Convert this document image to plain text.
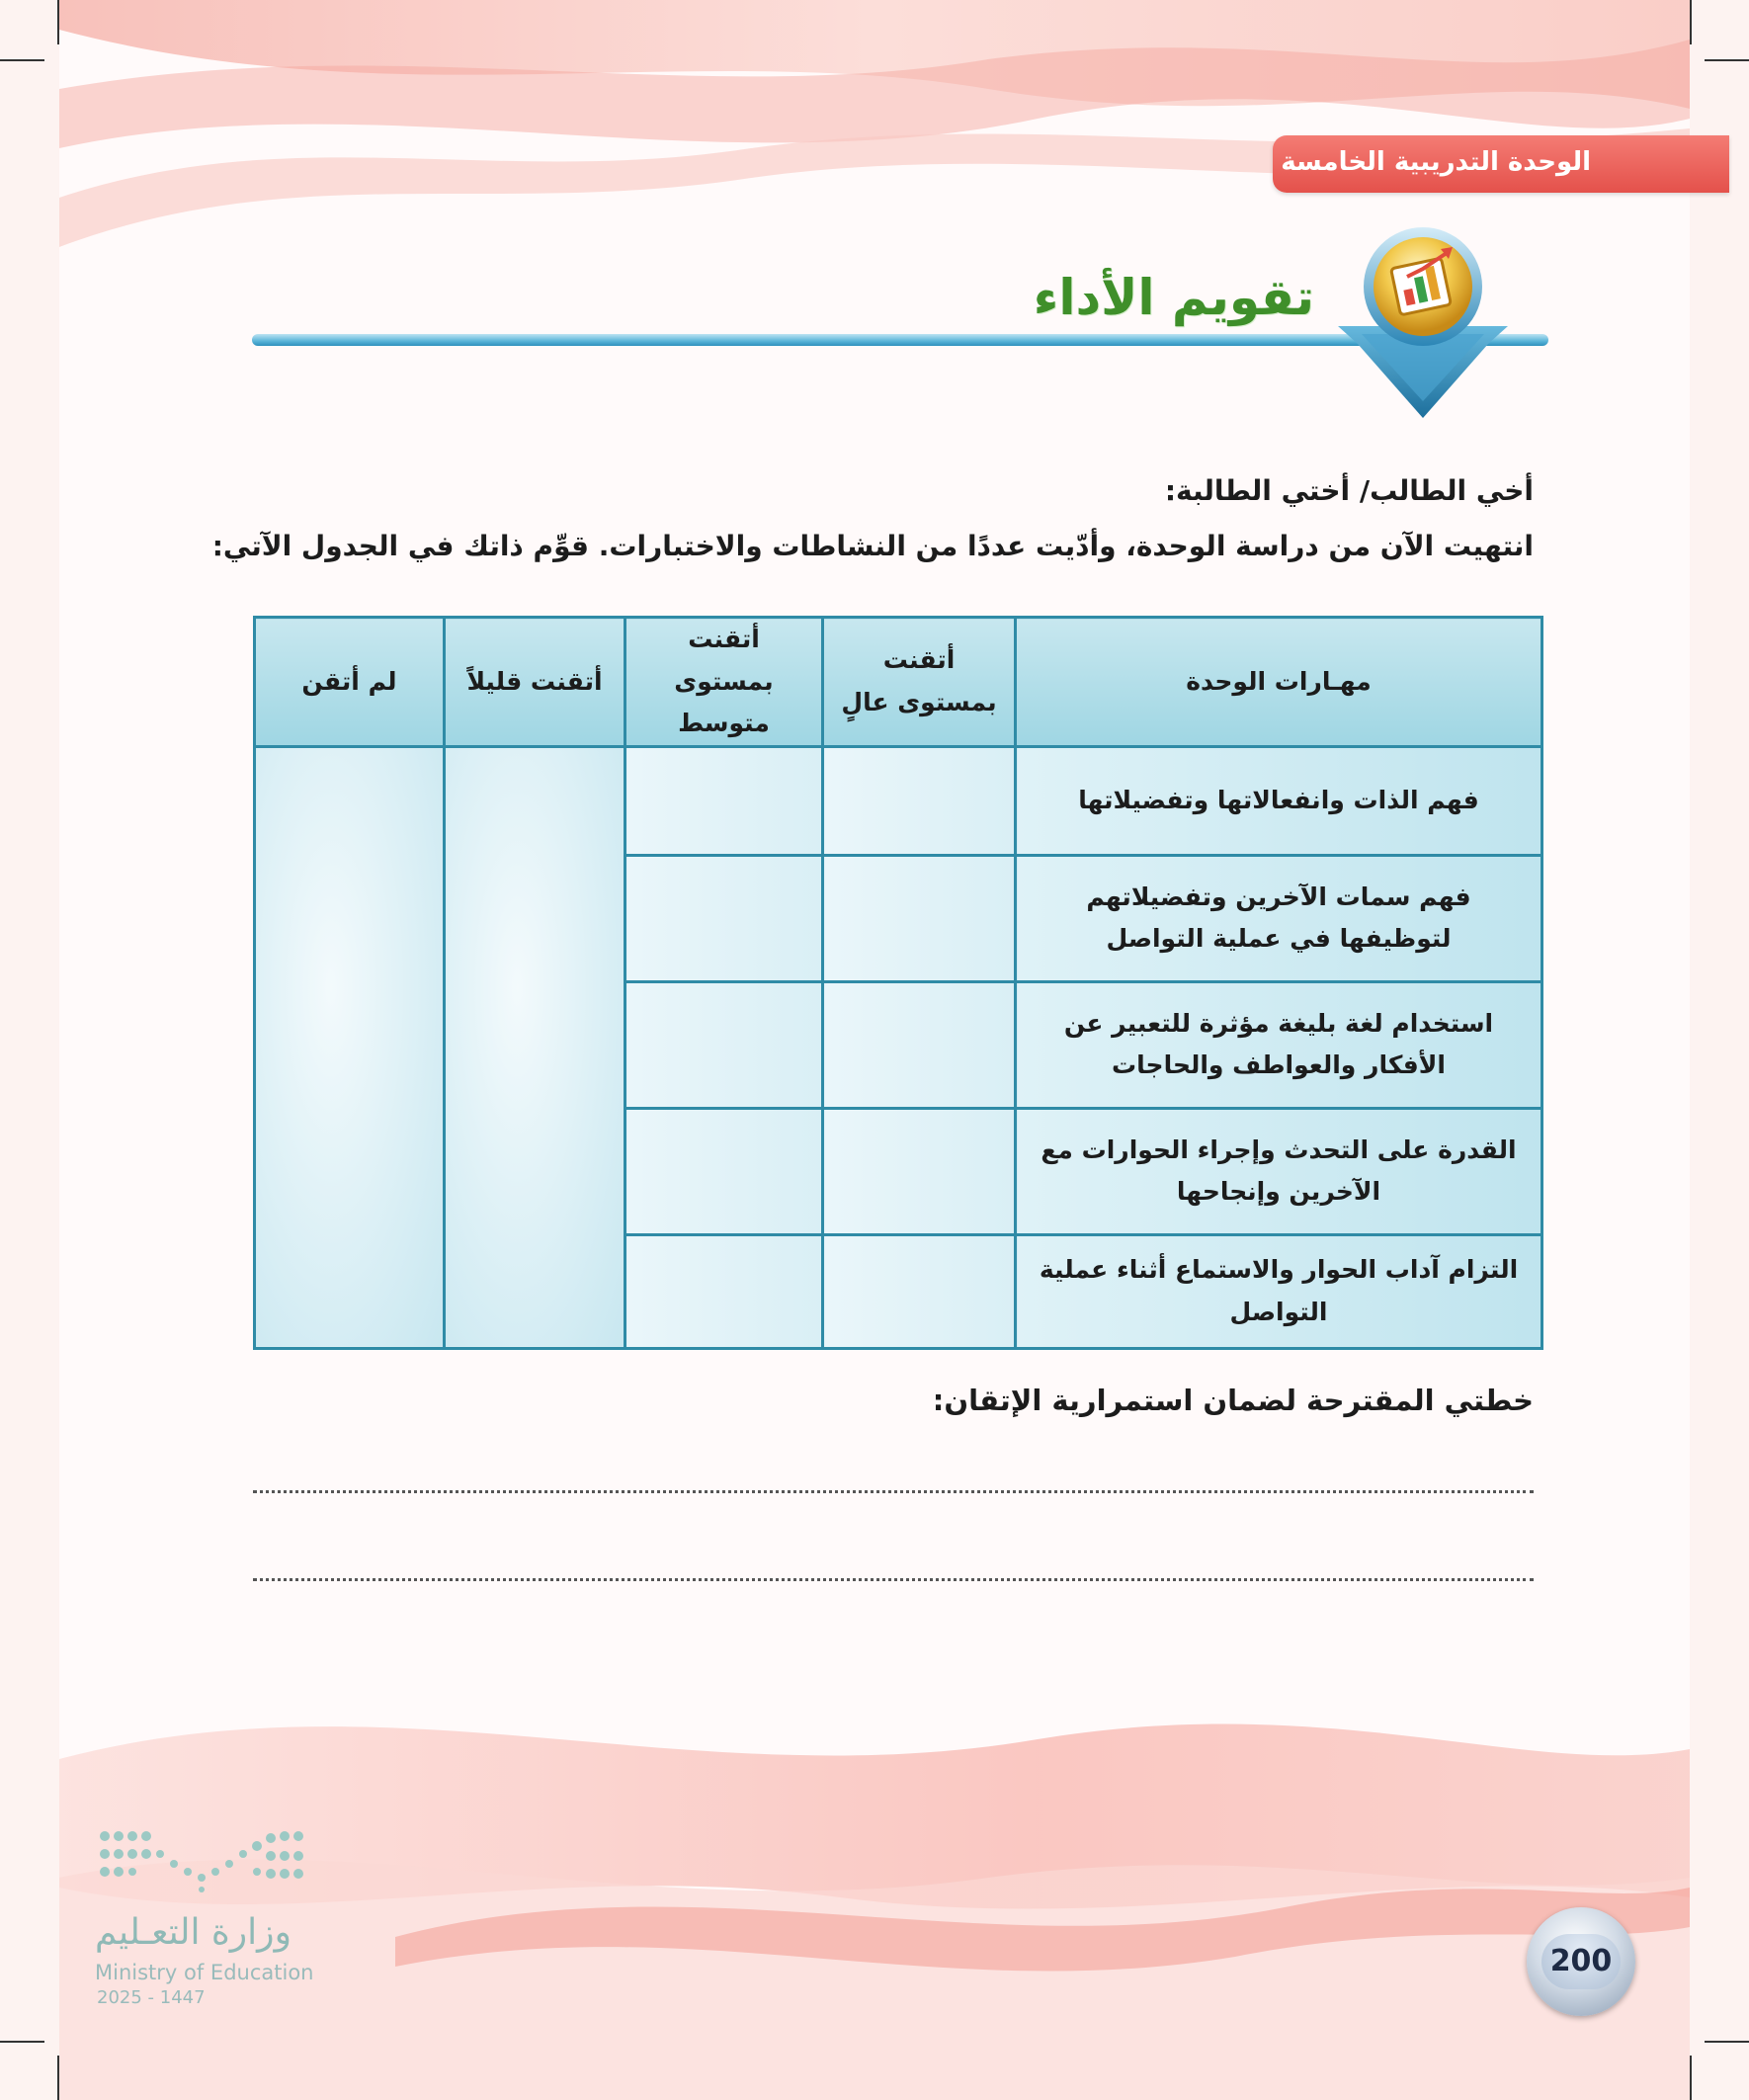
الوحدة التدريبية الخامسة
تقويم الأداء
أخي الطالب/ أختي الطالبة:
انتهيت الآن من دراسة الوحدة، وأدّيت عددًا من النشاطات والاختبارات. قوِّم ذاتك في الجدول الآتي:
مهـارات الوحدة	أتقنت بمستوى عالٍ	أتقنت بمستوى متوسط	أتقنت قليلاً	لم أتقن
فهم الذات وانفعالاتها وتفضيلاتها				
فهم سمات الآخرين وتفضيلاتهم لتوظيفها في عملية التواصل				
استخدام لغة بليغة مؤثرة للتعبير عن الأفكار والعواطف والحاجات				
القدرة على التحدث وإجراء الحوارات مع الآخرين وإنجاحها				
التزام آداب الحوار والاستماع أثناء عملية التواصل				
خطتي المقترحة لضمان استمرارية الإتقان:
وزارة التعـليم
Ministry of Education
2025 - 1447
200
